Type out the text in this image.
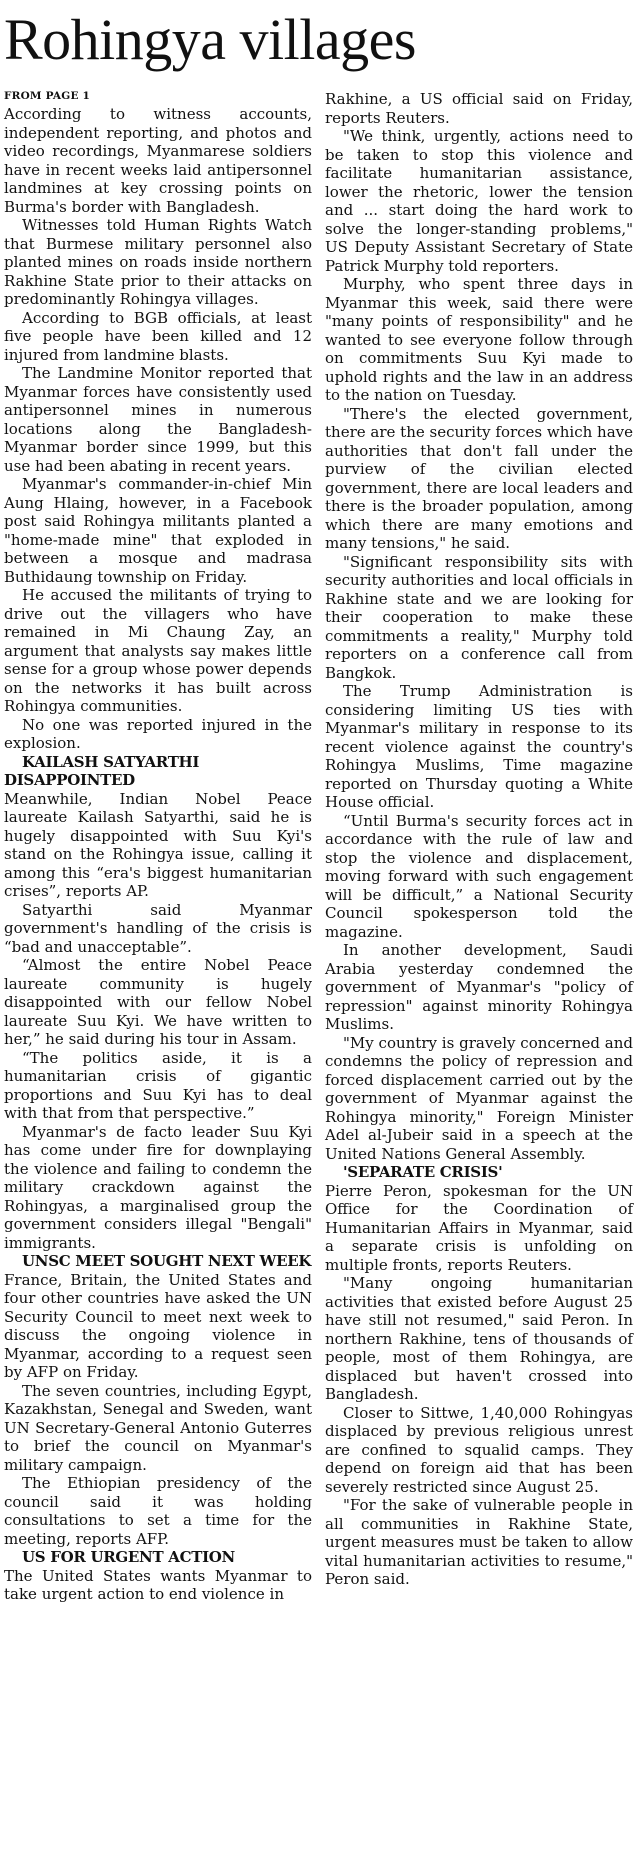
Rohingya villages
FROM PAGE 1

According to witness accounts, independent reporting, and photos and video recordings, Myanmarese soldiers have in recent weeks laid antipersonnel landmines at key crossing points on Burma's border with Bangladesh.

Witnesses told Human Rights Watch that Burmese military personnel also planted mines on roads inside northern Rakhine State prior to their attacks on predominantly Rohingya villages.

According to BGB officials, at least five people have been killed and 12 injured from landmine blasts.

The Landmine Monitor reported that Myanmar forces have consistently used antipersonnel mines in numerous locations along the Bangladesh-Myanmar border since 1999, but this use had been abating in recent years.

Myanmar's commander-in-chief Min Aung Hlaing, however, in a Facebook post said Rohingya militants planted a "home-made mine" that exploded in between a mosque and madrasa Buthidaung township on Friday.

He accused the militants of trying to drive out the villagers who have remained in Mi Chaung Zay, an argument that analysts say makes little sense for a group whose power depends on the networks it has built across Rohingya communities.

No one was reported injured in the explosion.

KAILASH SATYARTHI DISAPPOINTED

Meanwhile, Indian Nobel Peace laureate Kailash Satyarthi, said he is hugely disappointed with Suu Kyi's stand on the Rohingya issue, calling it among this “era's biggest humanitarian crises”, reports AP.

Satyarthi said Myanmar government's handling of the crisis is “bad and unacceptable”.

“Almost the entire Nobel Peace laureate community is hugely disappointed with our fellow Nobel laureate Suu Kyi. We have written to her,” he said during his tour in Assam.

“The politics aside, it is a humanitarian crisis of gigantic proportions and Suu Kyi has to deal with that from that perspective.”

Myanmar's de facto leader Suu Kyi has come under fire for downplaying the violence and failing to condemn the military crackdown against the Rohingyas, a marginalised group the government considers illegal "Bengali" immigrants.

UNSC MEET SOUGHT NEXT WEEK

France, Britain, the United States and four other countries have asked the UN Security Council to meet next week to discuss the ongoing violence in Myanmar, according to a request seen by AFP on Friday.

The seven countries, including Egypt, Kazakhstan, Senegal and Sweden, want UN Secretary-General Antonio Guterres to brief the council on Myanmar's military campaign.

The Ethiopian presidency of the council said it was holding consultations to set a time for the meeting, reports AFP.

US FOR URGENT ACTION

The United States wants Myanmar to take urgent action to end violence in

Rakhine, a US official said on Friday, reports Reuters.

"We think, urgently, actions need to be taken to stop this violence and facilitate humanitarian assistance, lower the rhetoric, lower the tension and ... start doing the hard work to solve the longer-standing problems," US Deputy Assistant Secretary of State Patrick Murphy told reporters.

Murphy, who spent three days in Myanmar this week, said there were "many points of responsibility" and he wanted to see everyone follow through on commitments Suu Kyi made to uphold rights and the law in an address to the nation on Tuesday.

"There's the elected government, there are the security forces which have authorities that don't fall under the purview of the civilian elected government, there are local leaders and there is the broader population, among which there are many emotions and many tensions," he said.

"Significant responsibility sits with security authorities and local officials in Rakhine state and we are looking for their cooperation to make these commitments a reality," Murphy told reporters on a conference call from Bangkok.

The Trump Administration is considering limiting US ties with Myanmar's military in response to its recent violence against the country's Rohingya Muslims, Time magazine reported on Thursday quoting a White House official.

“Until Burma's security forces act in accordance with the rule of law and stop the violence and displacement, moving forward with such engagement will be difficult,” a National Security Council spokesperson told the magazine.

In another development, Saudi Arabia yesterday condemned the government of Myanmar's "policy of repression" against minority Rohingya Muslims.

"My country is gravely concerned and condemns the policy of repression and forced displacement carried out by the government of Myanmar against the Rohingya minority," Foreign Minister Adel al-Jubeir said in a speech at the United Nations General Assembly.

'SEPARATE CRISIS'

Pierre Peron, spokesman for the UN Office for the Coordination of Humanitarian Affairs in Myanmar, said a separate crisis is unfolding on multiple fronts, reports Reuters.

"Many ongoing humanitarian activities that existed before August 25 have still not resumed," said Peron. In northern Rakhine, tens of thousands of people, most of them Rohingya, are displaced but haven't crossed into Bangladesh.

Closer to Sittwe, 1,40,000 Rohingyas displaced by previous religious unrest are confined to squalid camps. They depend on foreign aid that has been severely restricted since August 25.

"For the sake of vulnerable people in all communities in Rakhine State, urgent measures must be taken to allow vital humanitarian activities to resume," Peron said.
